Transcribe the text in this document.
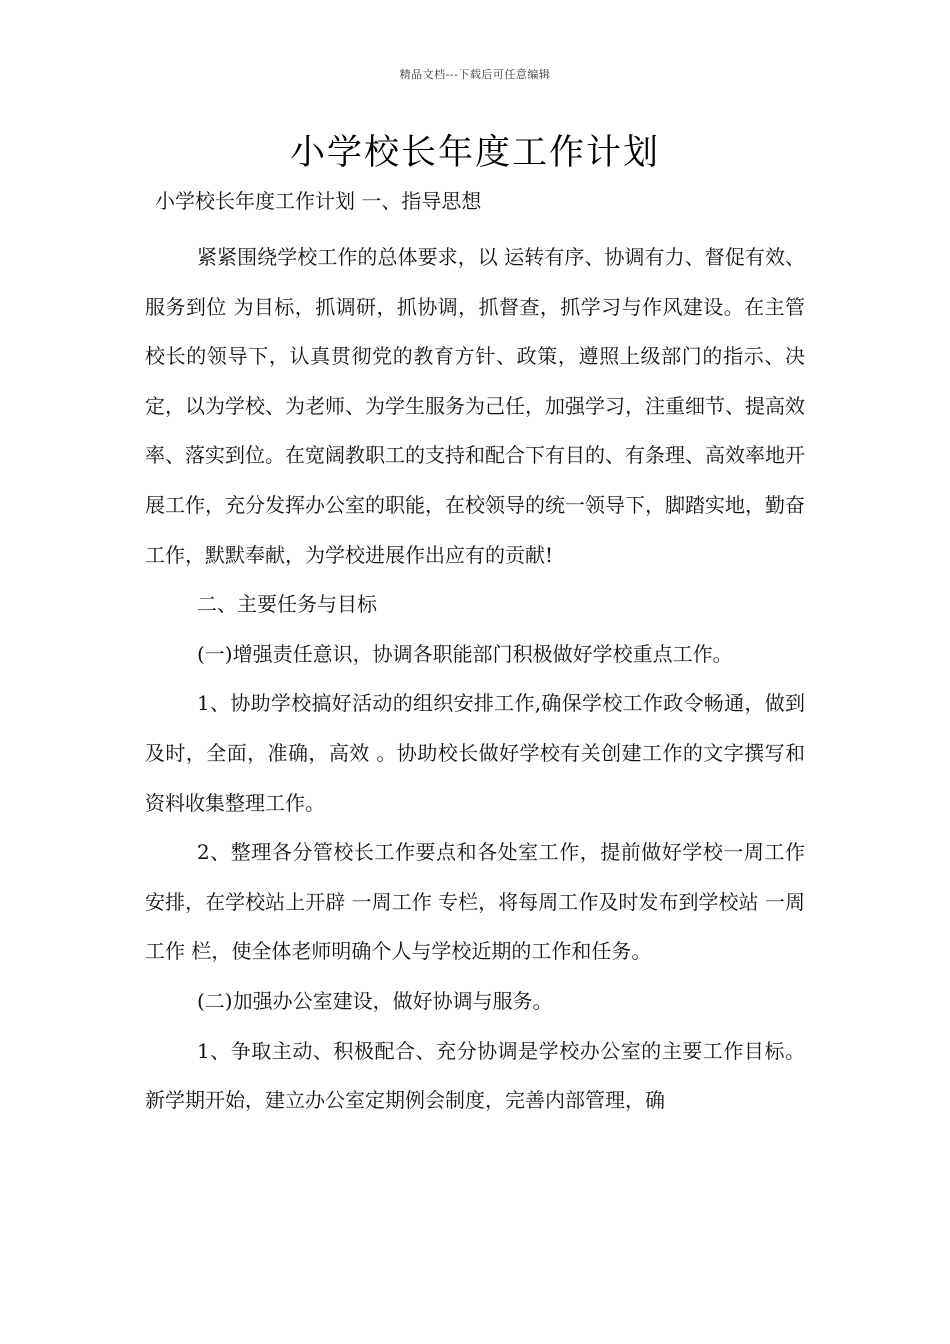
精品文档---下载后可任意编辑
小学校长年度工作计划
小学校长年度工作计划 一、指导思想

紧紧围绕学校工作的总体要求，以 运转有序、协调有力、督促有效、服务到位 为目标，抓调研，抓协调，抓督查，抓学习与作风建设。在主管校长的领导下，认真贯彻党的教育方针、政策，遵照上级部门的指示、决定，以为学校、为老师、为学生服务为己任，加强学习，注重细节、提高效率、落实到位。在宽阔教职工的支持和配合下有目的、有条理、高效率地开展工作，充分发挥办公室的职能，在校领导的统一领导下，脚踏实地，勤奋工作，默默奉献，为学校进展作出应有的贡献!

二、主要任务与目标

(一)增强责任意识，协调各职能部门积极做好学校重点工作。

1、协助学校搞好活动的组织安排工作,确保学校工作政令畅通，做到 及时，全面，准确，高效 。协助校长做好学校有关创建工作的文字撰写和资料收集整理工作。

2、整理各分管校长工作要点和各处室工作，提前做好学校一周工作安排，在学校站上开辟 一周工作 专栏，将每周工作及时发布到学校站 一周工作 栏，使全体老师明确个人与学校近期的工作和任务。

(二)加强办公室建设，做好协调与服务。

1、争取主动、积极配合、充分协调是学校办公室的主要工作目标。新学期开始，建立办公室定期例会制度，完善内部管理，确
